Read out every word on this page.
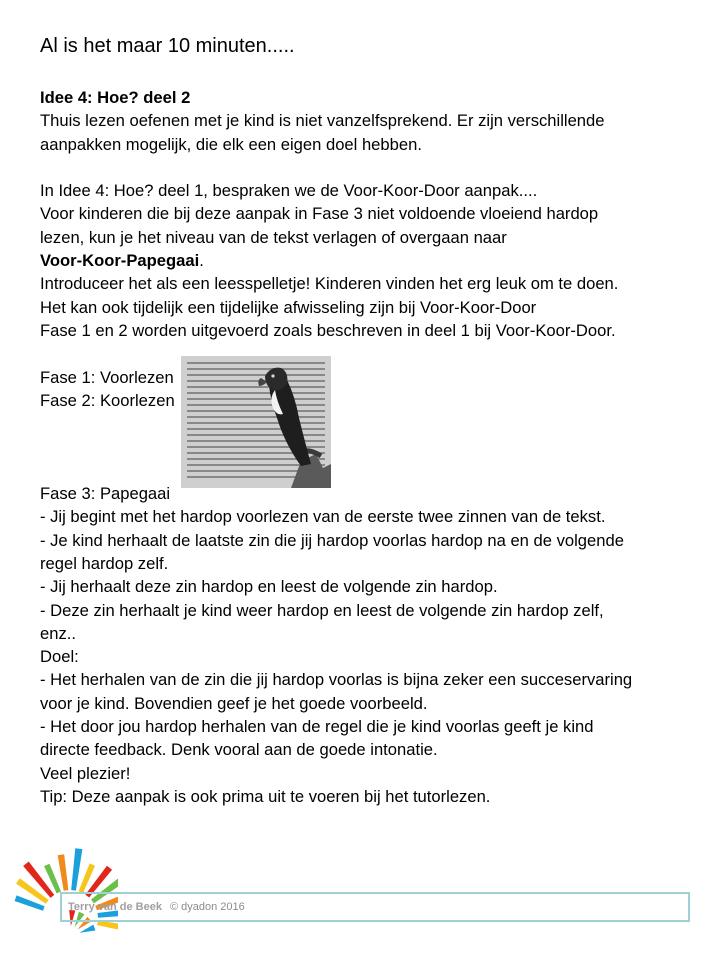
Al is het maar 10 minuten.....
Idee 4: Hoe? deel 2
Thuis lezen oefenen met je kind is niet vanzelfsprekend. Er zijn verschillende
aanpakken mogelijk, die elk een eigen doel hebben.
In Idee 4: Hoe? deel 1, bespraken we de Voor-Koor-Door aanpak....
Voor kinderen die bij deze aanpak in Fase 3 niet voldoende vloeiend hardop
lezen, kun je het niveau van de tekst verlagen of overgaan naar
Voor-Koor-Papegaai.
Introduceer het als een leesspelletje! Kinderen vinden het erg leuk om te doen.
Het kan ook tijdelijk een tijdelijke afwisseling zijn bij Voor-Koor-Door
Fase 1 en 2 worden uitgevoerd zoals beschreven in deel 1 bij Voor-Koor-Door.
Fase 1: Voorlezen
Fase 2: Koorlezen
Fase 3: Papegaai
- Jij begint met het hardop voorlezen van de eerste twee zinnen van de tekst.
- Je kind herhaalt de laatste zin die jij hardop voorlas hardop na en de volgende
regel hardop zelf.
- Jij herhaalt deze zin hardop en leest de volgende zin hardop.
- Deze zin herhaalt je kind weer hardop en leest de volgende zin hardop zelf,
enz..
Doel:
- Het herhalen van de zin die jij hardop voorlas is bijna zeker een succeservaring
voor je kind. Bovendien geef je het goede voorbeeld.
- Het door jou hardop herhalen van de regel die je kind voorlas geeft je kind
directe feedback. Denk vooral aan de goede intonatie.
Veel plezier!
Tip: Deze aanpak is ook prima uit te voeren bij het tutorlezen.
Terry van de Beek © dyadon 2016
